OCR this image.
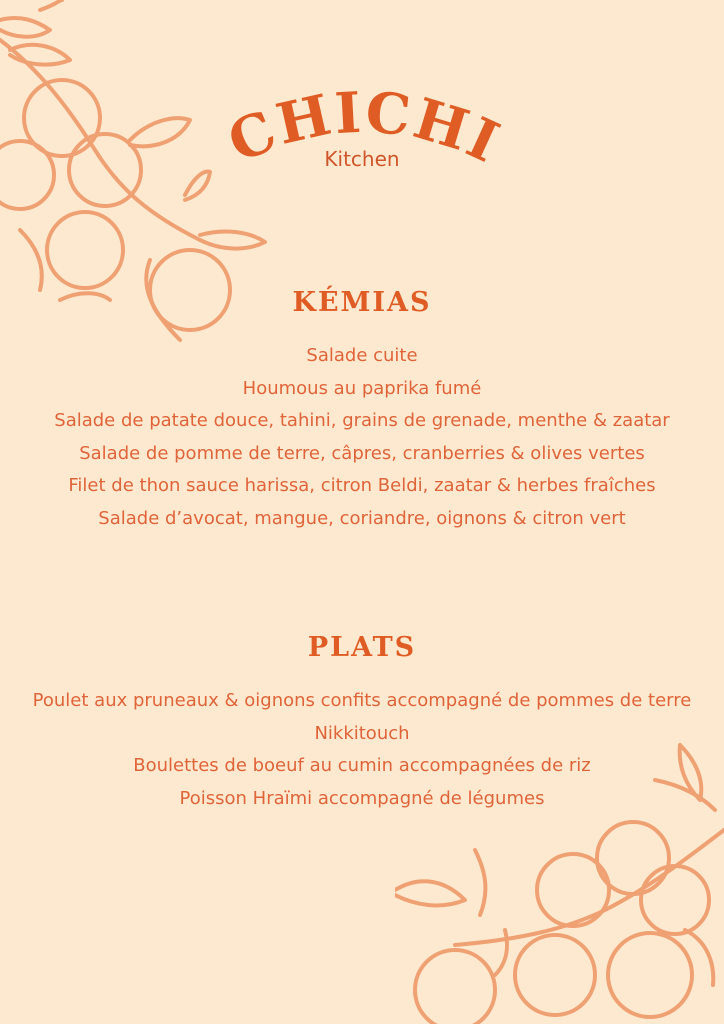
CHICHI
Kitchen
KÉMIAS
Salade cuite
Houmous au paprika fumé
Salade de patate douce, tahini, grains de grenade, menthe & zaatar
Salade de pomme de terre, câpres, cranberries & olives vertes
Filet de thon sauce harissa, citron Beldi, zaatar & herbes fraîches
Salade d’avocat, mangue, coriandre, oignons & citron vert
PLATS
Poulet aux pruneaux & oignons confits accompagné de pommes de terre
Nikkitouch
Boulettes de boeuf au cumin accompagnées de riz
Poisson Hraïmi accompagné de légumes
